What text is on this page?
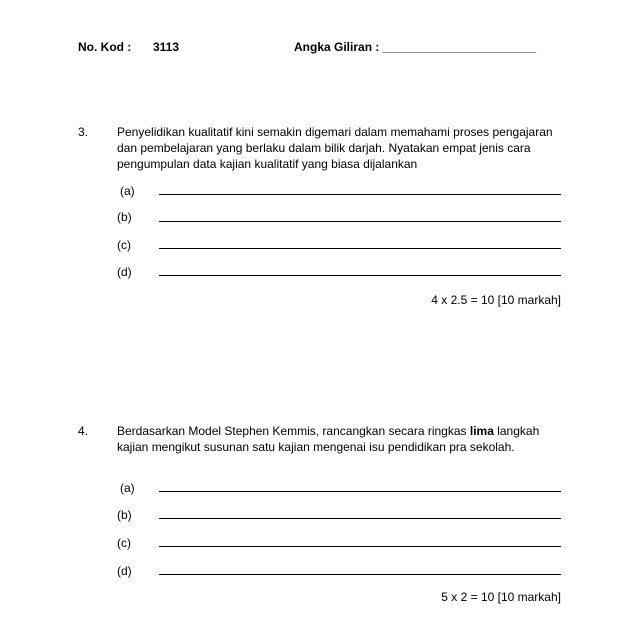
No. Kod : 3113	Angka Giliran : _______________________
3. Penyelidikan kualitatif kini semakin digemari dalam memahami proses pengajaran dan pembelajaran yang berlaku dalam bilik darjah. Nyatakan empat jenis cara pengumpulan data kajian kualitatif yang biasa dijalankan
(a)
(b)
(c)
(d)
4 x 2.5 = 10 [10 markah]
4. Berdasarkan Model Stephen Kemmis, rancangkan secara ringkas lima langkah kajian mengikut susunan satu kajian mengenai isu pendidikan pra sekolah.
(a)
(b)
(c)
(d)
5 x 2 = 10 [10 markah]
